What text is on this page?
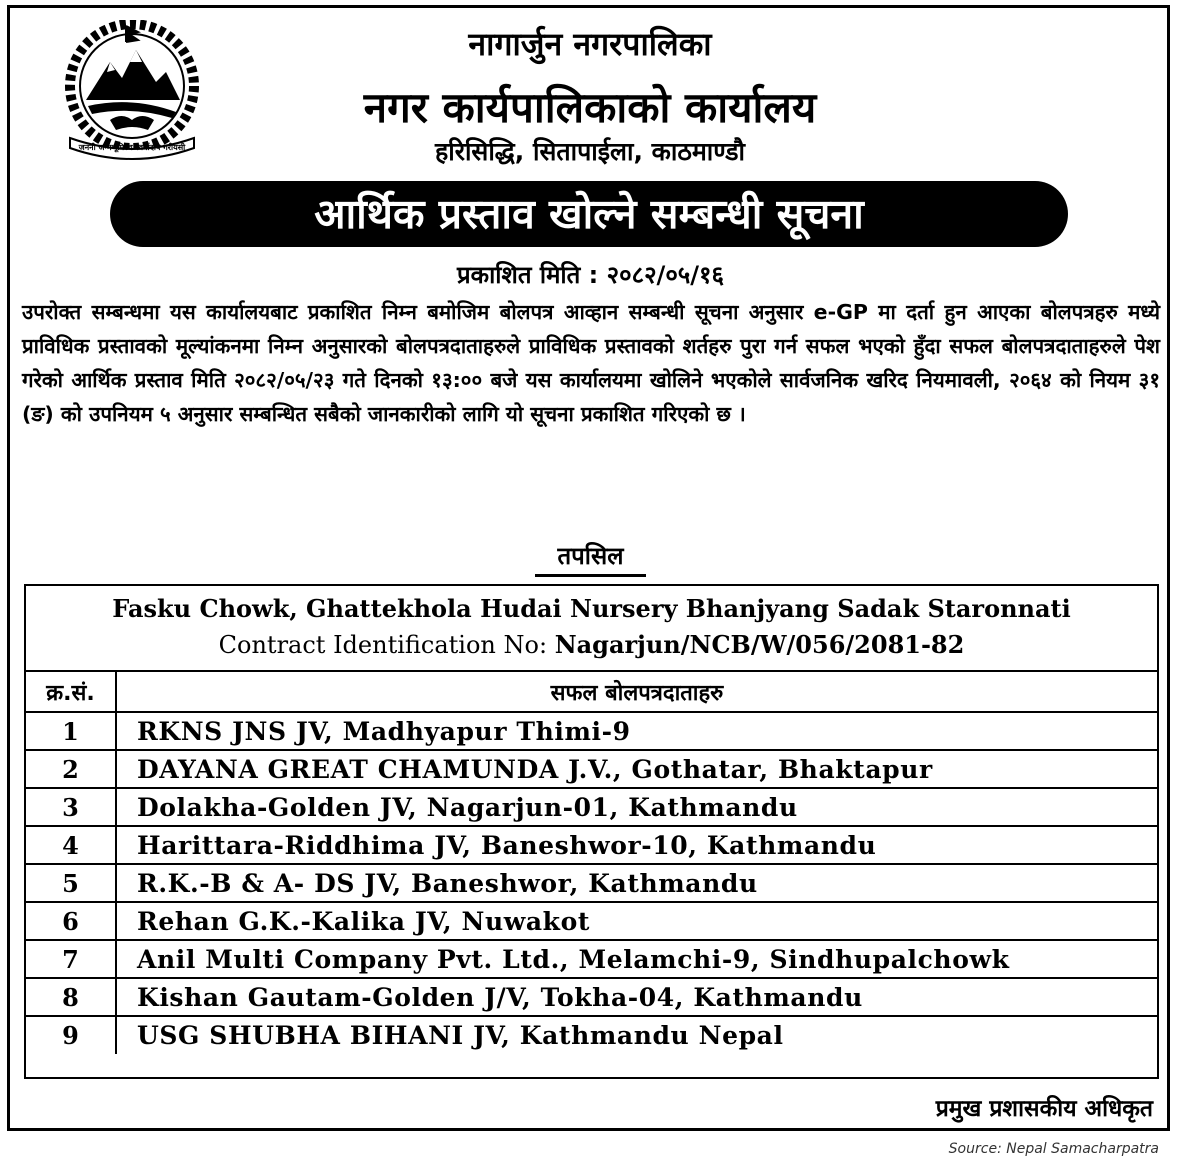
जननी जन्मभूमिश्च स्वर्गादपि गरीयसी
नागार्जुन नगरपालिका
नगर कार्यपालिकाको कार्यालय
हरिसिद्धि, सितापाईला, काठमाण्डौ
आर्थिक प्रस्ताव खोल्ने सम्बन्धी सूचना
प्रकाशित मिति : २०८२/०५/१६
उपरोक्त सम्बन्धमा यस कार्यालयबाट प्रकाशित निम्न बमोजिम बोलपत्र आव्हान सम्बन्धी सूचना अनुसार e-GP मा दर्ता हुन आएका बोलपत्रहरु मध्ये प्राविधिक प्रस्तावको मूल्यांकनमा निम्न अनुसारको बोलपत्रदाताहरुले प्राविधिक प्रस्तावको शर्तहरु पुरा गर्न सफल भएको हुँदा सफल बोलपत्रदाताहरुले पेश गरेको आर्थिक प्रस्ताव मिति २०८२/०५/२३ गते दिनको १३:०० बजे यस कार्यालयमा खोलिने भएकोले सार्वजनिक खरिद नियमावली, २०६४ को नियम ३१ (ङ) को उपनियम ५ अनुसार सम्बन्धित सबैको जानकारीको लागि यो सूचना प्रकाशित गरिएको छ ।
तपसिल
Fasku Chowk, Ghattekhola Hudai Nursery Bhanjyang Sadak Staronnati
Contract Identification No: Nagarjun/NCB/W/056/2081-82
क्र.सं.	सफल बोलपत्रदाताहरु
1	RKNS JNS JV, Madhyapur Thimi-9
2	DAYANA GREAT CHAMUNDA J.V., Gothatar, Bhaktapur
3	Dolakha-Golden JV, Nagarjun-01, Kathmandu
4	Harittara-Riddhima JV, Baneshwor-10, Kathmandu
5	R.K.-B & A- DS JV, Baneshwor, Kathmandu
6	Rehan G.K.-Kalika JV, Nuwakot
7	Anil Multi Company Pvt. Ltd., Melamchi-9, Sindhupalchowk
8	Kishan Gautam-Golden J/V, Tokha-04, Kathmandu
9	USG SHUBHA BIHANI JV, Kathmandu Nepal
प्रमुख प्रशासकीय अधिकृत
Source: Nepal Samacharpatra
